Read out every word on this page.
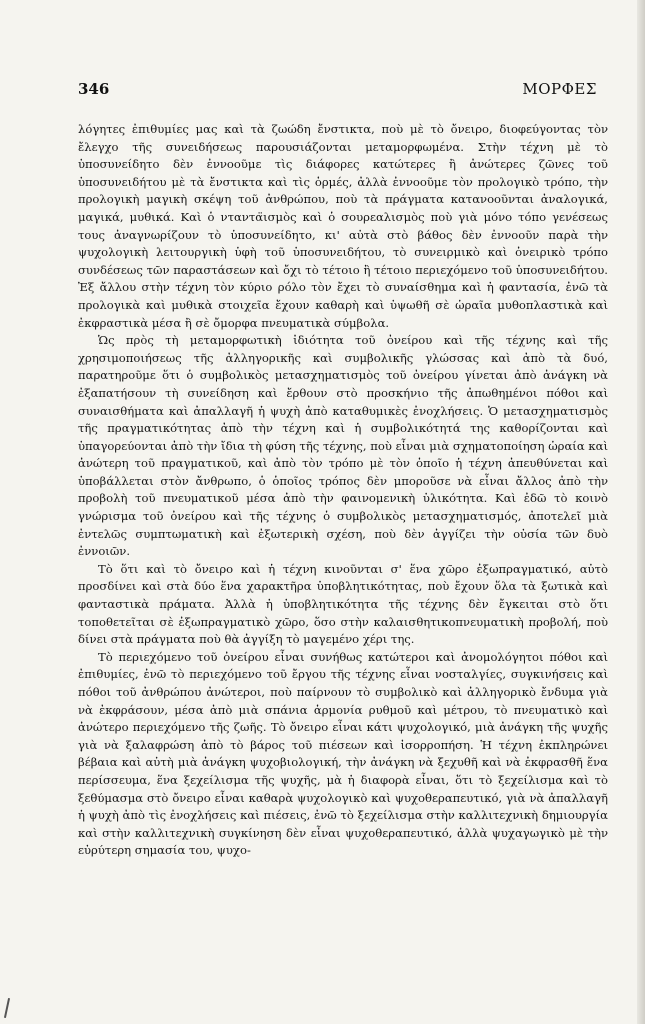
346	ΜΟΡΦΕΣ

λόγητες ἐπιθυμίες μας καὶ τὰ ζωώδη ἔνστικτα, ποὺ μὲ τὸ ὄνειρο, διοφεύγοντας τὸν ἔλεγχο τῆς συνειδήσεως παρουσιάζονται μεταμορφωμένα. Στὴν τέχνη μὲ τὸ ὑποσυνείδητο δὲν ἐννοοῦμε τὶς διάφορες κατώτερες ἢ ἀνώτερες ζῶνες τοῦ ὑποσυνειδήτου μὲ τὰ ἔνστικτα καὶ τὶς ὁρμές, ἀλλὰ ἐννοοῦμε τὸν προλογικὸ τρόπο, τὴν προλογικὴ μαγικὴ σκέψη τοῦ ἀνθρώπου, ποὺ τὰ πράγματα κατανοοῦνται ἀναλογικά, μαγικά, μυθικά. Καὶ ὁ νταντα̈ισμὸς καὶ ὁ σουρεαλισμὸς ποὺ γιὰ μόνο τόπο γενέσεως τους ἀναγνωρίζουν τὸ ὑποσυνείδητο, κι' αὐτὰ στὸ βάθος δὲν ἐννοοῦν παρὰ τὴν ψυχολογικὴ λειτουργικὴ ὑφὴ τοῦ ὑποσυνειδήτου, τὸ συνειρμικὸ καὶ ὀνειρικὸ τρόπο συνδέσεως τῶν παραστάσεων καὶ ὄχι τὸ τέτοιο ἢ τέτοιο περιεχόμενο τοῦ ὑποσυνειδήτου. Ἐξ ἄλλου στὴν τέχνη τὸν κύριο ρόλο τὸν ἔχει τὸ συναίσθημα καὶ ἡ φαντασία, ἐνῶ τὰ προλογικὰ καὶ μυθικὰ στοιχεῖα ἔχουν καθαρὴ καὶ ὑψωθῆ σὲ ὡραῖα μυθοπλαστικὰ καὶ ἐκφραστικὰ μέσα ἢ σὲ ὄμορφα πνευματικὰ σύμβολα.

Ὡς πρὸς τὴ μεταμορφωτικὴ ἰδιότητα τοῦ ὀνείρου καὶ τῆς τέχνης καὶ τῆς χρησιμοποιήσεως τῆς ἀλληγορικῆς καὶ συμβολικῆς γλώσσας καὶ ἀπὸ τὰ δυό, παρατηροῦμε ὅτι ὁ συμβολικὸς μετασχηματισμὸς τοῦ ὀνείρου γίνεται ἀπὸ ἀνάγκη νὰ ἐξαπατήσουν τὴ συνείδηση καὶ ἔρθουν στὸ προσκήνιο τῆς ἀπωθημένοι πόθοι καὶ συναισθήματα καὶ ἀπαλλαγῆ ἡ ψυχὴ ἀπὸ καταθυμικὲς ἐνοχλήσεις. Ὁ μετασχηματισμὸς τῆς πραγματικότητας ἀπὸ τὴν τέχνη καὶ ἡ συμβολικότητά της καθορίζονται καὶ ὑπαγορεύονται ἀπὸ τὴν ἴδια τὴ φύση τῆς τέχνης, ποὺ εἶναι μιὰ σχηματοποίηση ὡραία καὶ ἀνώτερη τοῦ πραγματικοῦ, καὶ ἀπὸ τὸν τρόπο μὲ τὸν ὁποῖο ἡ τέχνη ἀπευθύνεται καὶ ὑποβάλλεται στὸν ἄνθρωπο, ὁ ὁποῖος τρόπος δὲν μποροῦσε νὰ εἶναι ἄλλος ἀπὸ τὴν προβολὴ τοῦ πνευματικοῦ μέσα ἀπὸ τὴν φαινομενικὴ ὑλικότητα. Καὶ ἐδῶ τὸ κοινὸ γνώρισμα τοῦ ὀνείρου καὶ τῆς τέχνης ὁ συμβολικὸς μετασχηματισμός, ἀποτελεῖ μιὰ ἐντελῶς συμπτωματικὴ καὶ ἐξωτερικὴ σχέση, ποὺ δὲν ἀγγίζει τὴν οὐσία τῶν δυὸ ἐννοιῶν.

Τὸ ὅτι καὶ τὸ ὄνειρο καὶ ἡ τέχνη κινοῦνται σ' ἕνα χῶρο ἐξωπραγματικό, αὐτὸ προσδίνει καὶ στὰ δύο ἕνα χαρακτῆρα ὑποβλητικότητας, ποὺ ἔχουν ὅλα τὰ ξωτικὰ καὶ φανταστικὰ πράματα. Ἀλλὰ ἡ ὑποβλητικότητα τῆς τέχνης δὲν ἔγκειται στὸ ὅτι τοποθετεῖται σὲ ἐξωπραγματικὸ χῶρο, ὅσο στὴν καλαισθητικοπνευματικὴ προβολή, ποὺ δίνει στὰ πράγματα ποὺ θὰ ἀγγίξη τὸ μαγεμένο χέρι της.

Τὸ περιεχόμενο τοῦ ὀνείρου εἶναι συνήθως κατώτεροι καὶ ἀνομολόγητοι πόθοι καὶ ἐπιθυμίες, ἐνῶ τὸ περιεχόμενο τοῦ ἔργου τῆς τέχνης εἶναι νοσταλγίες, συγκινήσεις καὶ πόθοι τοῦ ἀνθρώπου ἀνώτεροι, ποὺ παίρνουν τὸ συμβολικὸ καὶ ἀλληγορικὸ ἔνδυμα γιὰ νὰ ἐκφράσουν, μέσα ἀπὸ μιὰ σπάνια ἁρμονία ρυθμοῦ καὶ μέτρου, τὸ πνευματικὸ καὶ ἀνώτερο περιεχόμενο τῆς ζωῆς. Τὸ ὄνειρο εἶναι κάτι ψυχολογικό, μιὰ ἀνάγκη τῆς ψυχῆς γιὰ νὰ ξαλαφρώση ἀπὸ τὸ βάρος τοῦ πιέσεων καὶ ἰσορροπήση. Ἡ τέχνη ἐκπληρώνει βέβαια καὶ αὐτὴ μιὰ ἀνάγκη ψυχοβιολογική, τὴν ἀνάγκη νὰ ξεχυθῆ καὶ νὰ ἐκφρασθῆ ἕνα περίσσευμα, ἕνα ξεχείλισμα τῆς ψυχῆς, μὰ ἡ διαφορὰ εἶναι, ὅτι τὸ ξεχείλισμα καὶ τὸ ξεθύμασμα στὸ ὄνειρο εἶναι καθαρὰ ψυχολογικὸ καὶ ψυχοθεραπευτικό, γιὰ νὰ ἀπαλλαγῆ ἡ ψυχὴ ἀπὸ τὶς ἐνοχλήσεις καὶ πιέσεις, ἐνῶ τὸ ξεχείλισμα στὴν καλλιτεχνικὴ δημιουργία καὶ στὴν καλλιτεχνικὴ συγκίνηση δὲν εἶναι ψυχοθεραπευτικό, ἀλλὰ ψυχαγωγικὸ μὲ τὴν εὐρύτερη σημασία του, ψυχο-
